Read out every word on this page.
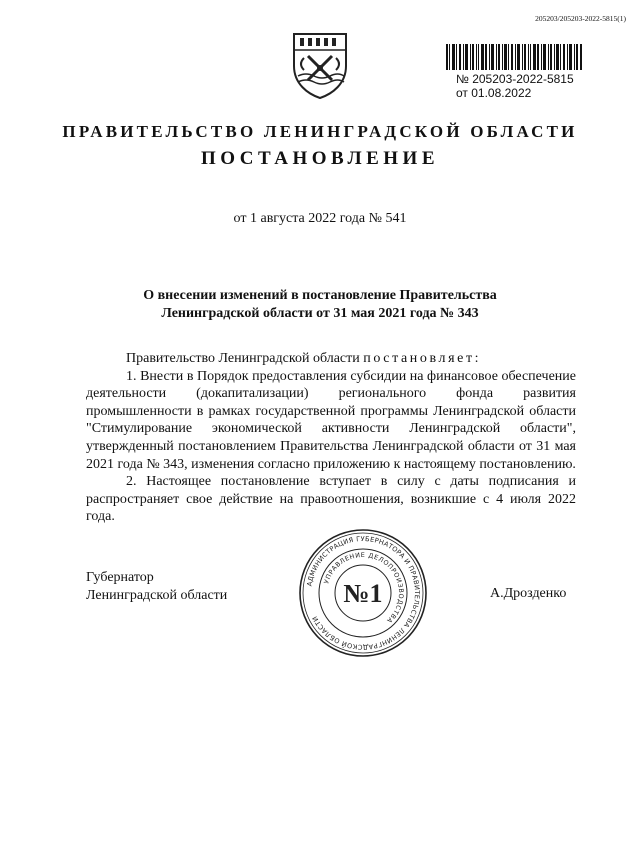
205203/205203-2022-5815(1)
№ 205203-2022-5815
от 01.08.2022
ПРАВИТЕЛЬСТВО ЛЕНИНГРАДСКОЙ ОБЛАСТИ
ПОСТАНОВЛЕНИЕ
от 1 августа 2022 года № 541
О внесении изменений в постановление Правительства
Ленинградской области от 31 мая 2021 года № 343

Правительство Ленинградской области постановляет:

1. Внести в Порядок предоставления субсидии на финансовое обеспечение деятельности (докапитализации) регионального фонда развития промышленности в рамках государственной программы Ленинградской области "Стимулирование экономической активности Ленинградской области", утвержденный постановлением Правительства Ленинградской области от 31 мая 2021 года № 343, изменения согласно приложению к настоящему постановлению.

2. Настоящее постановление вступает в силу с даты подписания и распространяет свое действие на правоотношения, возникшие с 4 июля 2022 года.

Губернатор
Ленинградской области
АДМИНИСТРАЦИЯ ГУБЕРНАТОРА И ПРАВИТЕЛЬСТВА ЛЕНИНГРАДСКОЙ ОБЛАСТИ
УПРАВЛЕНИЕ ДЕЛОПРОИЗВОДСТВА
№1	А.Дрозденко
